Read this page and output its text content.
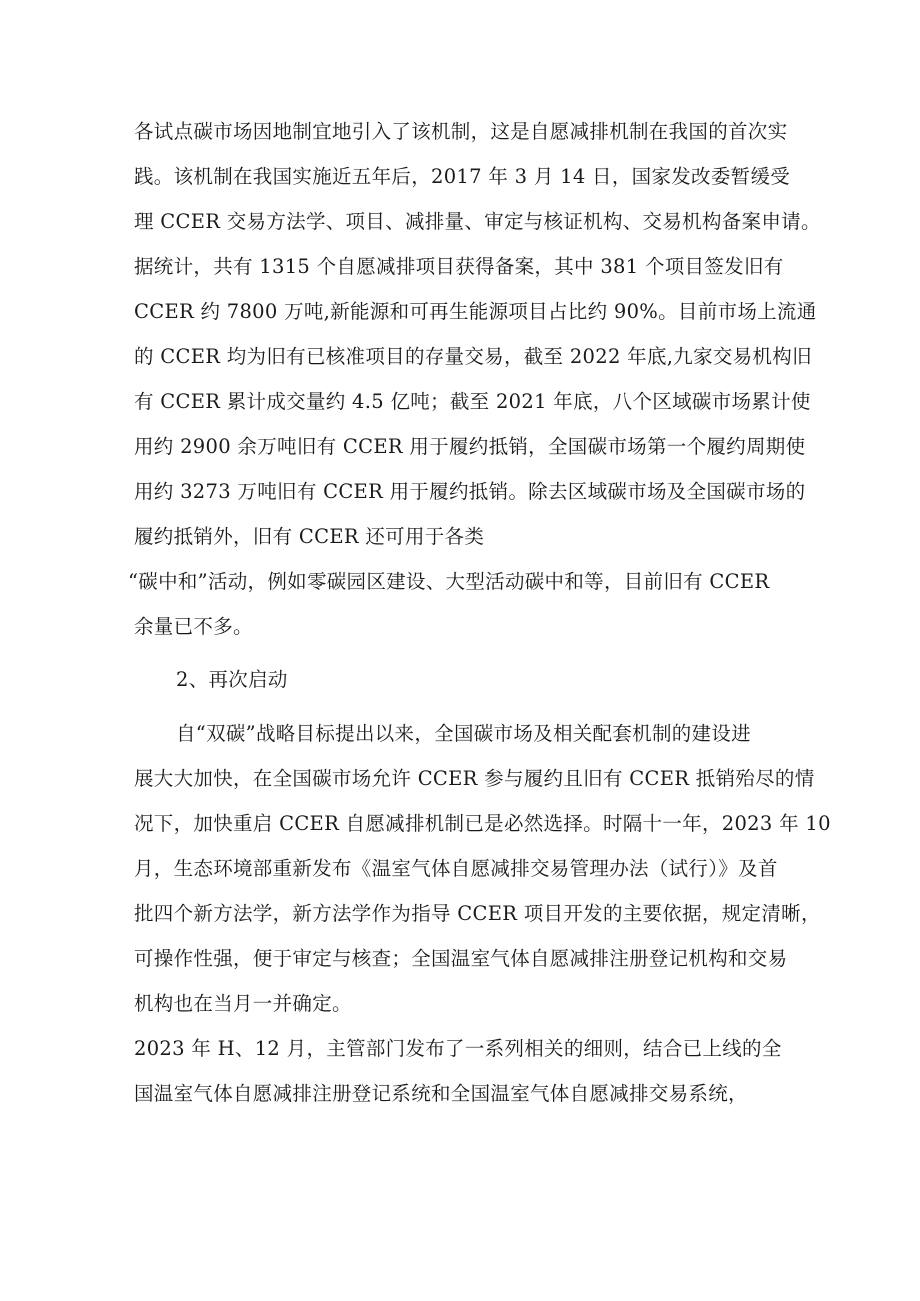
各试点碳市场因地制宜地引入了该机制，这是自愿减排机制在我国的首次实
践。该机制在我国实施近五年后，2017 年 3 月 14 日，国家发改委暂缓受
理 CCER 交易方法学、项目、减排量、审定与核证机构、交易机构备案申请。
据统计，共有 1315 个自愿减排项目获得备案，其中 381 个项目签发旧有
CCER 约 7800 万吨,新能源和可再生能源项目占比约 90%。目前市场上流通
的 CCER 均为旧有已核准项目的存量交易，截至 2022 年底,九家交易机构旧
有 CCER 累计成交量约 4.5 亿吨；截至 2021 年底，八个区域碳市场累计使
用约 2900 余万吨旧有 CCER 用于履约抵销，全国碳市场第一个履约周期使
用约 3273 万吨旧有 CCER 用于履约抵销。除去区域碳市场及全国碳市场的
履约抵销外，旧有 CCER 还可用于各类
“碳中和”活动，例如零碳园区建设、大型活动碳中和等，目前旧有 CCER
余量已不多。
2、再次启动
自“双碳”战略目标提出以来，全国碳市场及相关配套机制的建设进
展大大加快，在全国碳市场允许 CCER 参与履约且旧有 CCER 抵销殆尽的情
况下，加快重启 CCER 自愿减排机制已是必然选择。时隔十一年，2023 年 10
月，生态环境部重新发布《温室气体自愿减排交易管理办法（试行）》及首
批四个新方法学，新方法学作为指导 CCER 项目开发的主要依据，规定清晰，
可操作性强，便于审定与核查；全国温室气体自愿减排注册登记机构和交易
机构也在当月一并确定。
2023 年 H、12 月，主管部门发布了一系列相关的细则，结合已上线的全
国温室气体自愿减排注册登记系统和全国温室气体自愿减排交易系统，
